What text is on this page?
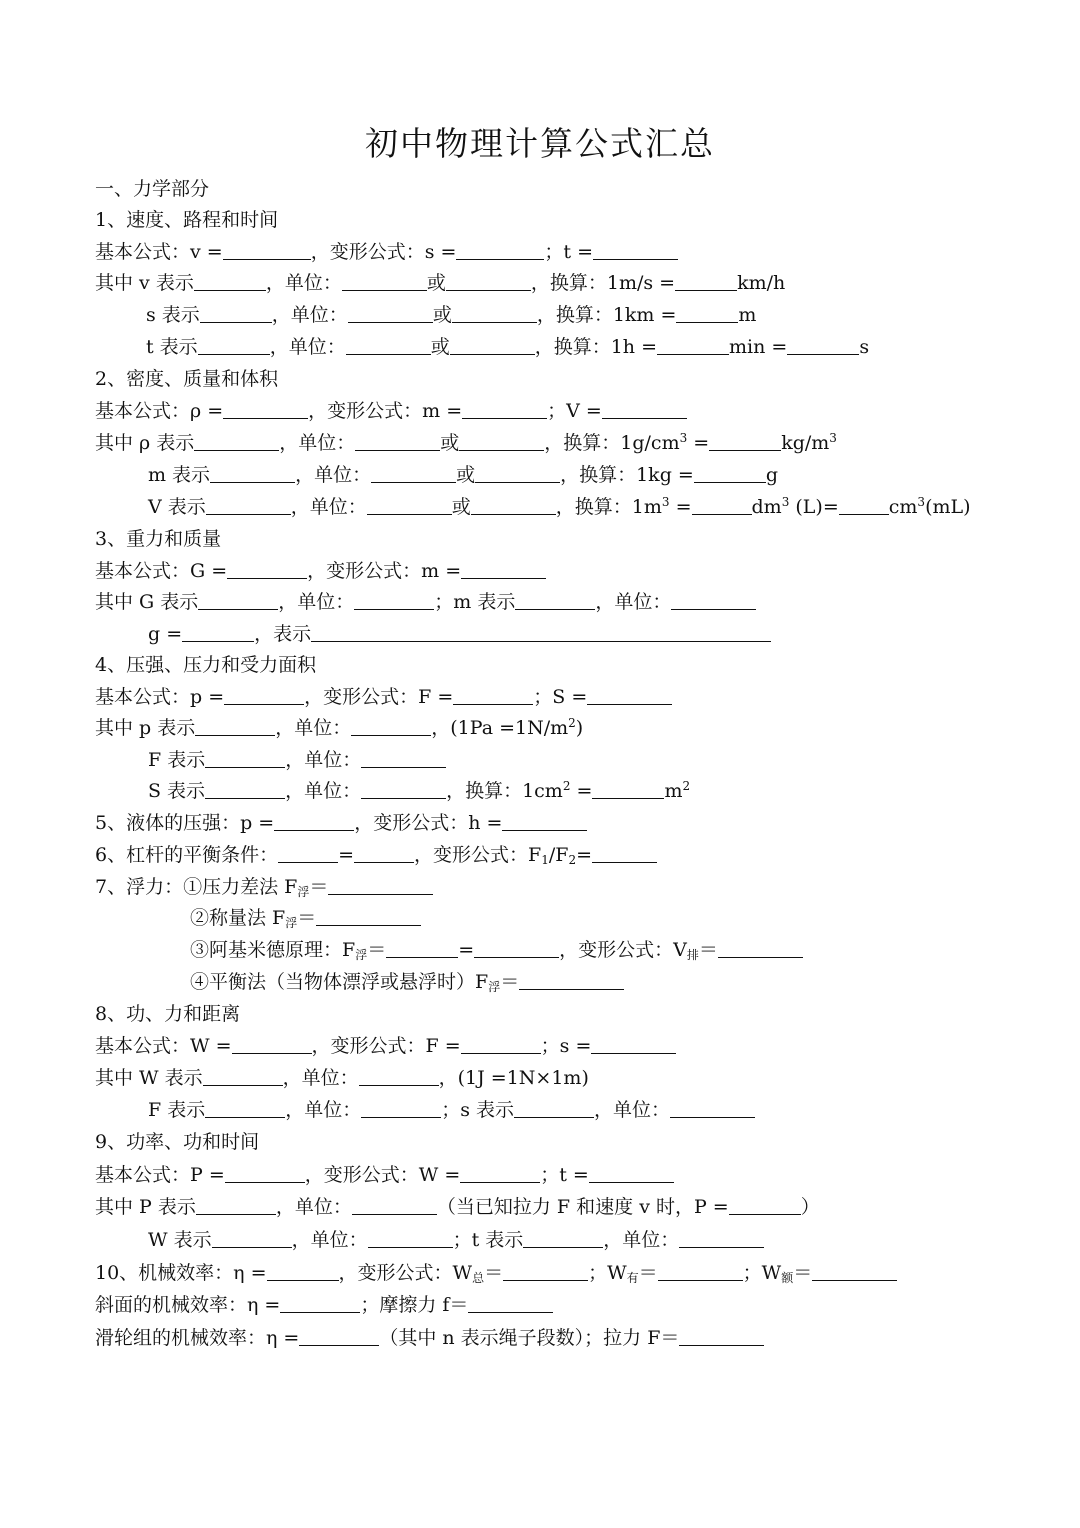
初中物理计算公式汇总
一、力学部分
1、速度、路程和时间
基本公式：v =	，变形公式：s =	；t =
其中 v 表示	，单位：	或	，换算：1m/s =	km/h
s 表示	，单位：	或	，换算：1km =	m
t 表示	，单位：	或	，换算：1h =	min =	s
2、密度、质量和体积
基本公式：ρ =	，变形公式：m =	；V =
其中 ρ 表示	，单位：	或	，换算：$1g/cm^3$ =	$kg/m^3$
m 表示	，单位：	或	，换算：1kg =	g
V 表示	，单位：	或	，换算：$1m^3$ =	$dm^3$ (L)=	$cm^3(mL)$
3、重力和质量
基本公式：G =	，变形公式：m =
其中 G 表示	，单位：	；m 表示	，单位：
g =	，表示
4、压强、压力和受力面积
基本公式：p =	，变形公式：F =	；S =
其中 p 表示	，单位：	，$(1Pa =1N/m^2)$
F 表示	，单位：
S 表示	，单位：	，换算：$1cm^2$ =	$m^2$
5、液体的压强：p =	，变形公式：h =
6、杠杆的平衡条件：	=	，变形公式：$F_1/F_2=$
7、浮力：①压力差法 $F_浮=$
②称量法 $F_浮=$
③阿基米德原理：$F_浮=$	=	，变形公式：$V_排=$
④平衡法（当物体漂浮或悬浮时）$F_浮=$
8、功、力和距离
基本公式：W =	，变形公式：F =	；s =
其中 W 表示	，单位：	，(1J =1N×1m)
F 表示	，单位：	；s 表示	，单位：
9、功率、功和时间
基本公式：P =	，变形公式：W =	；t =
其中 P 表示	，单位：	（当已知拉力 F 和速度 v 时，P =	）
W 表示	，单位：	；t 表示	，单位：
10、机械效率：η =	，变形公式：$W_总=$	；$W_有=$	；$W_额=$
斜面的机械效率：η =	；摩擦力 f＝
滑轮组的机械效率：η =	（其中 n 表示绳子段数）；拉力 F＝
